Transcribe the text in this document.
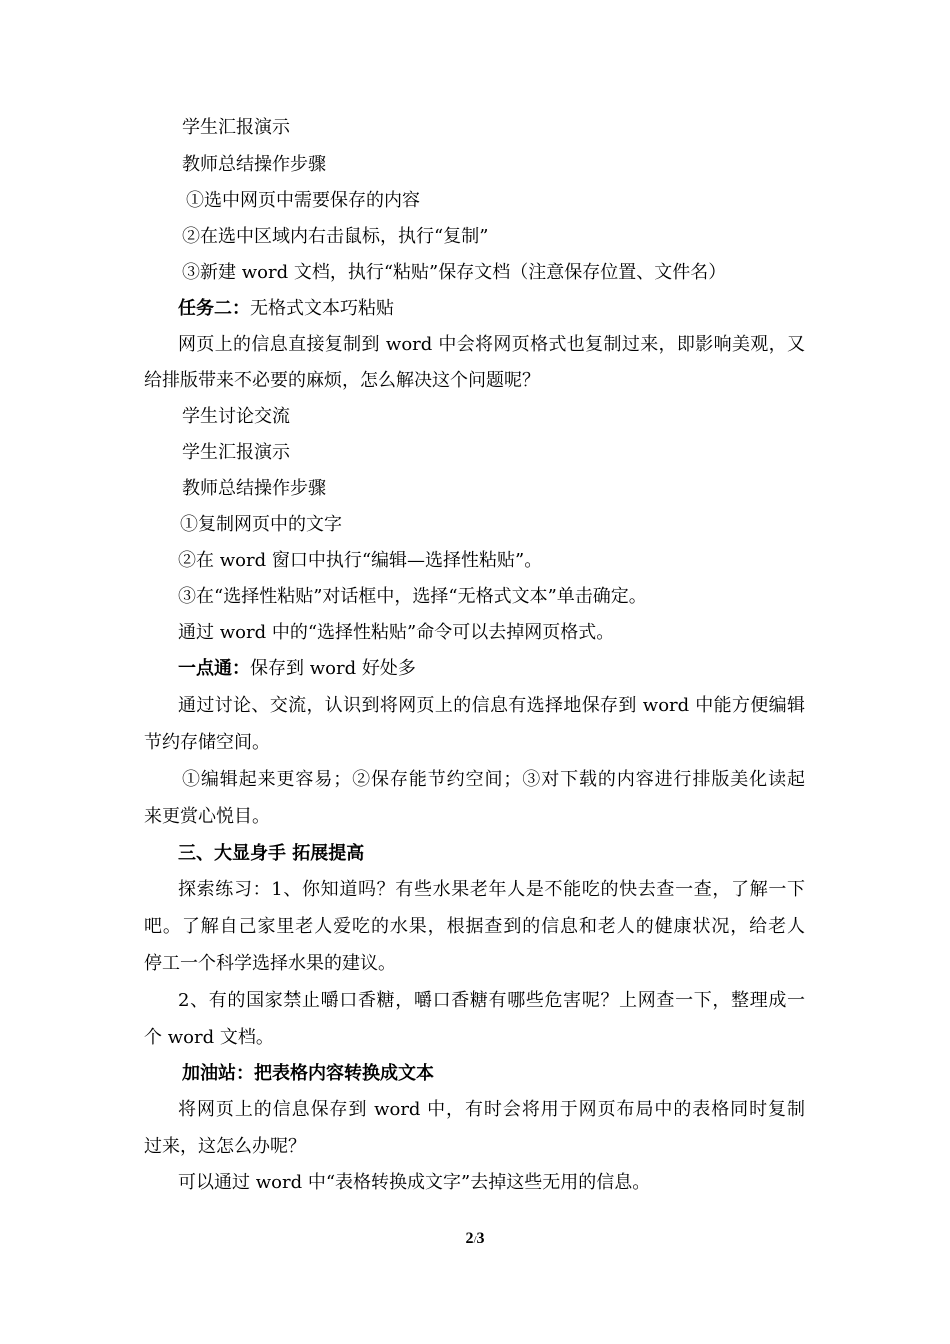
学生汇报演示
教师总结操作步骤
①选中网页中需要保存的内容
②在选中区域内右击鼠标，执行“复制”
③新建 word 文档，执行“粘贴”保存文档（注意保存位置、文件名）
任务二：无格式文本巧粘贴
网页上的信息直接复制到 word 中会将网页格式也复制过来，即影响美观，又
给排版带来不必要的麻烦，怎么解决这个问题呢？
学生讨论交流
学生汇报演示
教师总结操作步骤
①复制网页中的文字
②在 word 窗口中执行“编辑—选择性粘贴”。
③在“选择性粘贴”对话框中，选择“无格式文本”单击确定。
通过 word 中的“选择性粘贴”命令可以去掉网页格式。
一点通：保存到 word 好处多
通过讨论、交流，认识到将网页上的信息有选择地保存到 word 中能方便编辑
节约存储空间。
①编辑起来更容易；②保存能节约空间；③对下载的内容进行排版美化读起
来更赏心悦目。
三、大显身手 拓展提高
探索练习：1、你知道吗？有些水果老年人是不能吃的快去查一查，了解一下
吧。了解自己家里老人爱吃的水果，根据查到的信息和老人的健康状况，给老人
停工一个科学选择水果的建议。
2、有的国家禁止嚼口香糖，嚼口香糖有哪些危害呢？上网查一下，整理成一
个 word 文档。
加油站：把表格内容转换成文本
将网页上的信息保存到 word 中，有时会将用于网页布局中的表格同时复制
过来，这怎么办呢？
可以通过 word 中“表格转换成文字”去掉这些无用的信息。
2/3
